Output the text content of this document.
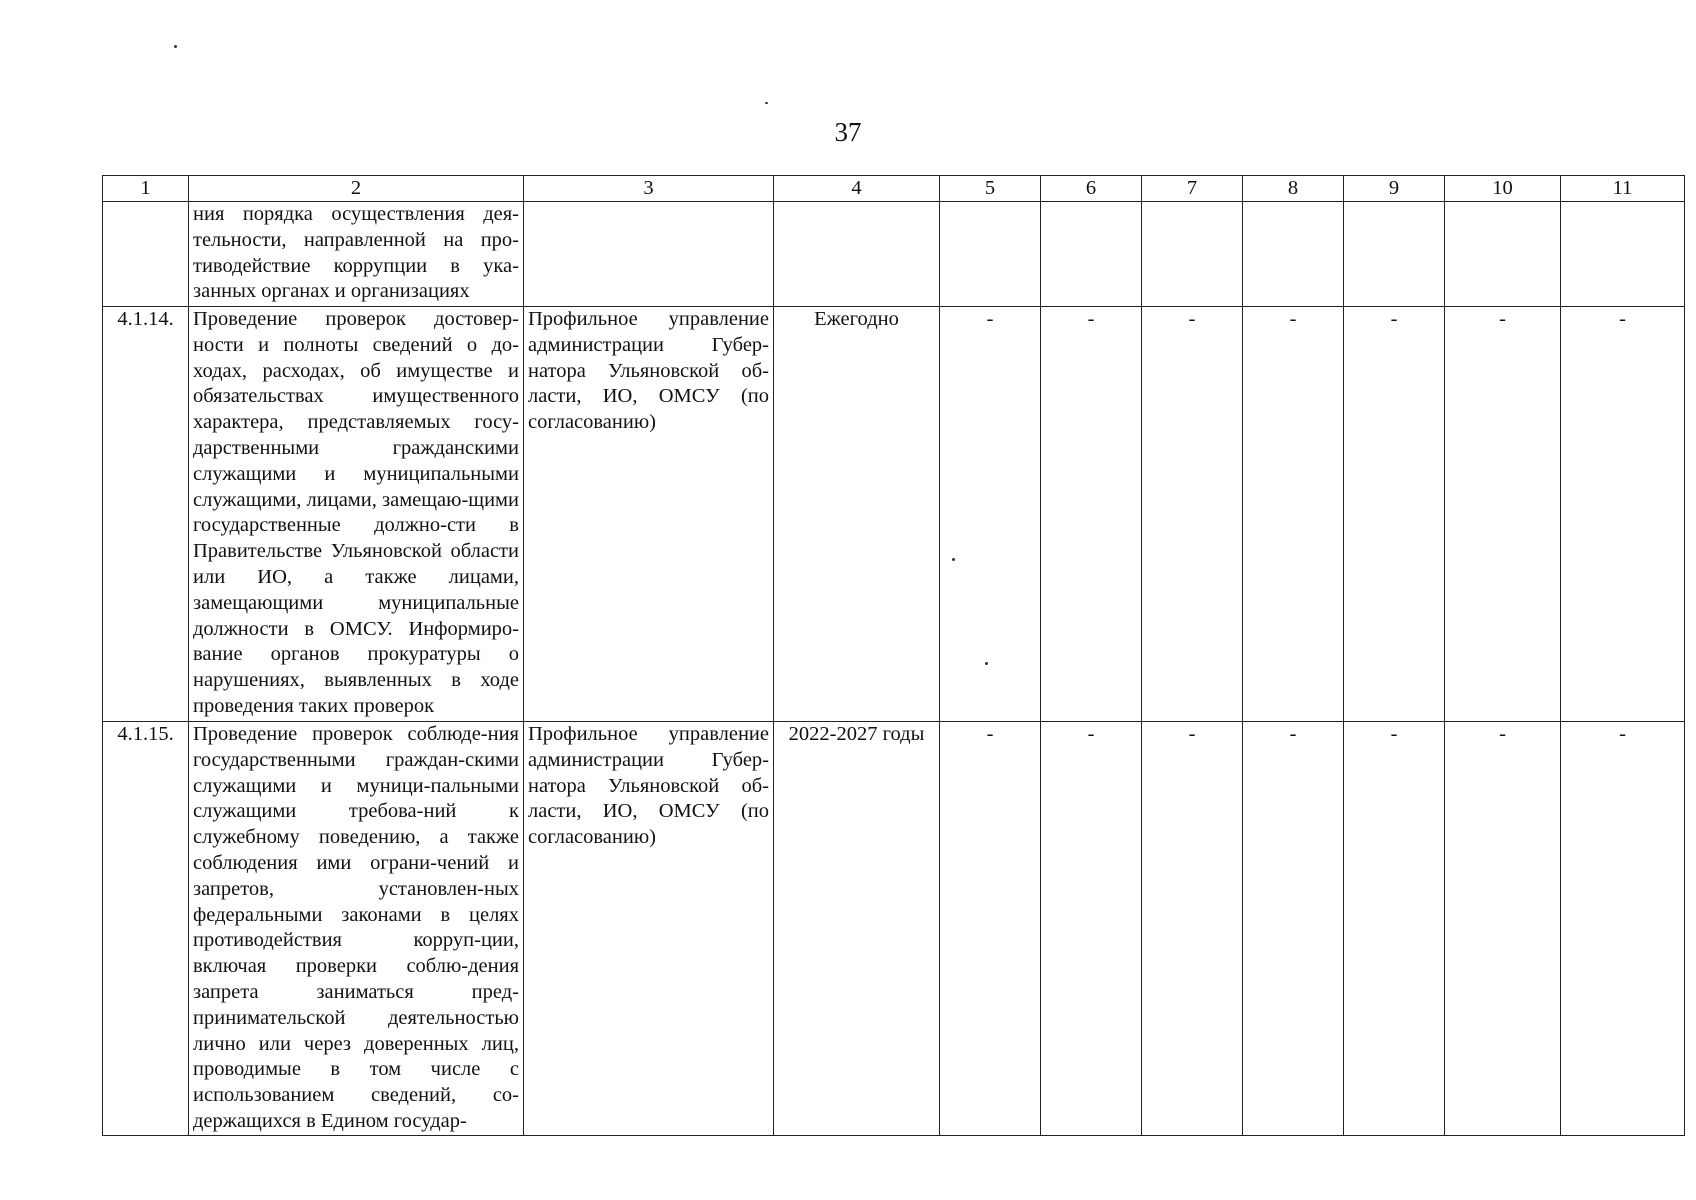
37
1	2	3	4	5	6	7	8	9	10	11
	ния порядка осуществления дея-тельности, направленной на про-тиводействие коррупции в ука-занных органах и организациях									
4.1.14.	Проведение проверок достовер-ности и полноты сведений о до-ходах, расходах, об имуществе и обязательствах имущественного характера, представляемых госу-дарственными гражданскими служащими и муниципальными служащими, лицами, замещаю-щими государственные должно-сти в Правительстве Ульяновской области или ИО, а также лицами, замещающими муниципальные должности в ОМСУ. Информиро-вание органов прокуратуры о нарушениях, выявленных в ходе проведения таких проверок	Профильное управление администрации Губер-натора Ульяновской об-ласти, ИО, ОМСУ (по согласованию)	Ежегодно	-	-	-	-	-	-	-
4.1.15.	Проведение проверок соблюде-ния государственными граждан-скими служащими и муници-пальными служащими требова-ний к служебному поведению, а также соблюдения ими ограни-чений и запретов, установлен-ных федеральными законами в целях противодействия корруп-ции, включая проверки соблю-дения запрета заниматься пред-принимательской деятельностью лично или через доверенных лиц, проводимые в том числе с использованием сведений, со-держащихся в Едином государ-	Профильное управление администрации Губер-натора Ульяновской об-ласти, ИО, ОМСУ (по согласованию)	2022-2027 годы	-	-	-	-	-	-	-
